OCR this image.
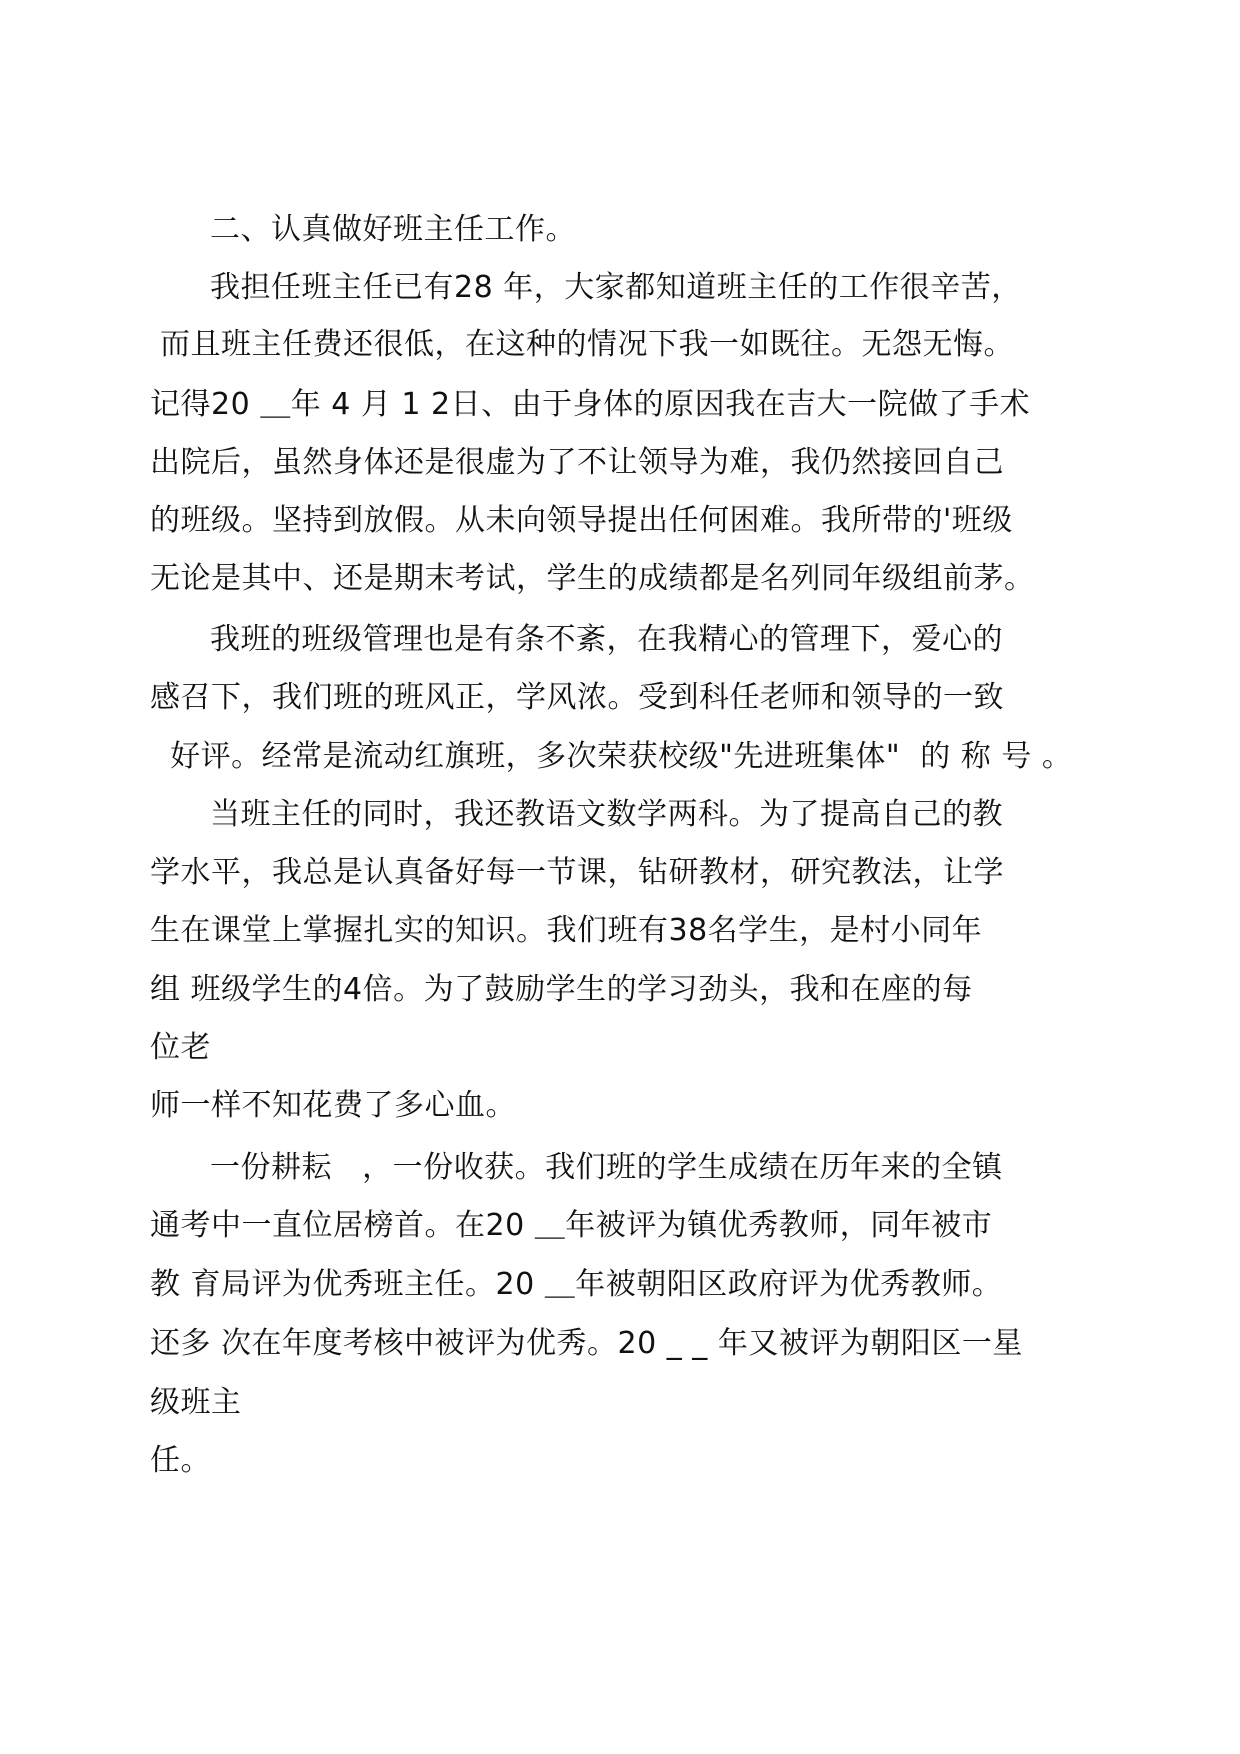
二、认真做好班主任工作。
我担任班主任已有28 年，大家都知道班主任的工作很辛苦，
而且班主任费还很低，在这种的情况下我一如既往。无怨无悔。
记得20 ＿年 4 月 1 2日、由于身体的原因我在吉大一院做了手术
出院后，虽然身体还是很虚为了不让领导为难，我仍然接回自己
的班级。坚持到放假。从未向领导提出任何困难。我所带的'班级
无论是其中、还是期末考试，学生的成绩都是名列同年级组前茅。
我班的班级管理也是有条不紊，在我精心的管理下，爱心的
感召下，我们班的班风正，学风浓。受到科任老师和领导的一致
好评。经常是流动红旗班，多次荣获校级"先进班集体"  的 称 号 。
当班主任的同时，我还教语文数学两科。为了提高自己的教
学水平，我总是认真备好每一节课，钻研教材，研究教法，让学
生在课堂上掌握扎实的知识。我们班有38名学生，是村小同年
组 班级学生的4倍。为了鼓励学生的学习劲头，我和在座的每
位老
师一样不知花费了多心血。
一份耕耘   ，一份收获。我们班的学生成绩在历年来的全镇
通考中一直位居榜首。在20 ＿年被评为镇优秀教师，同年被市
教 育局评为优秀班主任。20 ＿年被朝阳区政府评为优秀教师。
还多 次在年度考核中被评为优秀。20 _ _ 年又被评为朝阳区一星
级班主
任。
